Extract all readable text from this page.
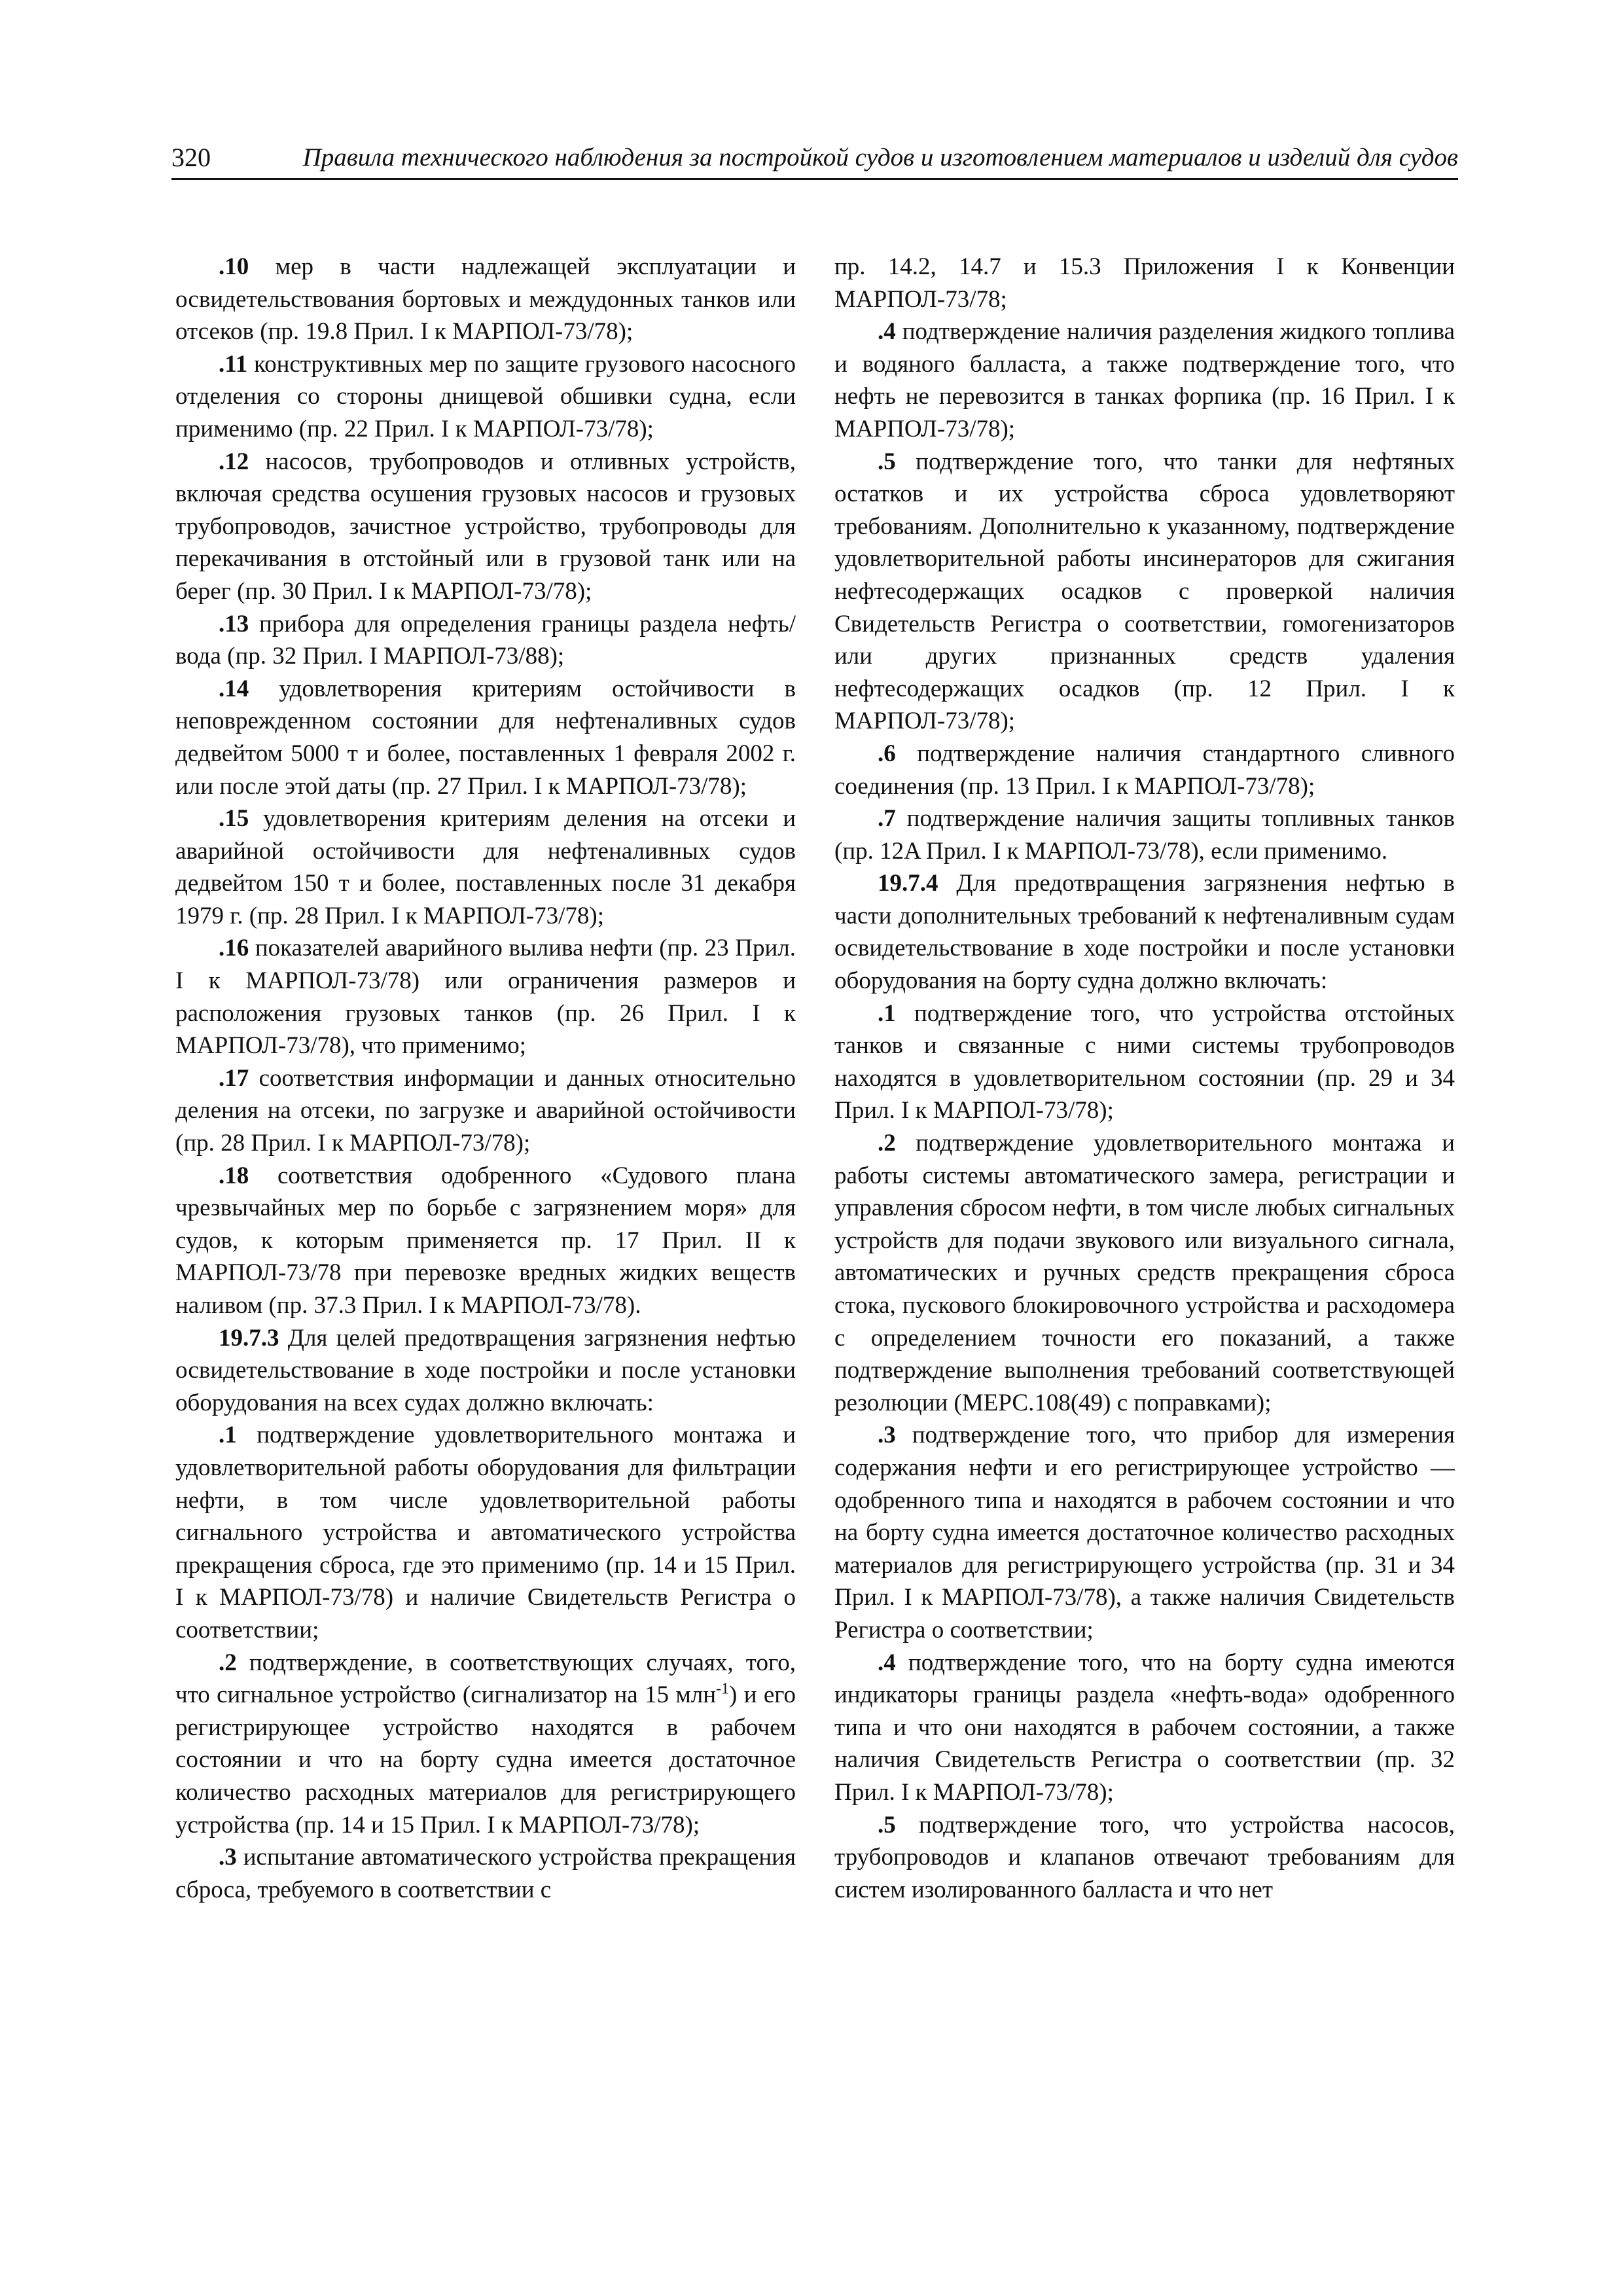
320	Правила технического наблюдения за постройкой судов и изготовлением материалов и изделий для судов

.10 мер в части надлежащей эксплуатации и освидетельствования бортовых и междудонных танков или отсеков (пр. 19.8 Прил. I к МАРПОЛ-73/78);

.11 конструктивных мер по защите грузового насосного отделения со стороны днищевой обшивки судна, если применимо (пр. 22 Прил. I к МАРПОЛ-73/78);

.12 насосов, трубопроводов и отливных устройств, включая средства осушения грузовых насосов и грузовых трубопроводов, зачистное устройство, трубопроводы для перекачивания в отстойный или в грузовой танк или на берег (пр. 30 Прил. I к МАРПОЛ-73/78);

.13 прибора для определения границы раздела нефть/вода (пр. 32 Прил. I МАРПОЛ-73/88);

.14 удовлетворения критериям остойчивости в неповрежденном состоянии для нефтеналивных судов дедвейтом 5000 т и более, поставленных 1 февраля 2002 г. или после этой даты (пр. 27 Прил. I к МАРПОЛ-73/78);

.15 удовлетворения критериям деления на отсеки и аварийной остойчивости для нефтеналивных судов дедвейтом 150 т и более, поставленных после 31 декабря 1979 г. (пр. 28 Прил. I к МАРПОЛ-73/78);

.16 показателей аварийного вылива нефти (пр. 23 Прил. I к МАРПОЛ-73/78) или ограничения размеров и расположения грузовых танков (пр. 26 Прил. I к МАРПОЛ-73/78), что применимо;

.17 соответствия информации и данных относительно деления на отсеки, по загрузке и аварийной остойчивости (пр. 28 Прил. I к МАРПОЛ-73/78);

.18 соответствия одобренного «Судового плана чрезвычайных мер по борьбе с загрязнением моря» для судов, к которым применяется пр. 17 Прил. II к МАРПОЛ-73/78 при перевозке вредных жидких веществ наливом (пр. 37.3 Прил. I к МАРПОЛ-73/78).

19.7.3 Для целей предотвращения загрязнения нефтью освидетельствование в ходе постройки и после установки оборудования на всех судах должно включать:

.1 подтверждение удовлетворительного монтажа и удовлетворительной работы оборудования для фильтрации нефти, в том числе удовлетворительной работы сигнального устройства и автоматического устройства прекращения сброса, где это применимо (пр. 14 и 15 Прил. I к МАРПОЛ-73/78) и наличие Свидетельств Регистра о соответствии;

.2 подтверждение, в соответствующих случаях, того, что сигнальное устройство (сигнализатор на 15 млн$^{-1}$) и его регистрирующее устройство находятся в рабочем состоянии и что на борту судна имеется достаточное количество расходных материалов для регистрирующего устройства (пр. 14 и 15 Прил. I к МАРПОЛ-73/78);

.3 испытание автоматического устройства прекращения сброса, требуемого в соответствии с

пр. 14.2, 14.7 и 15.3 Приложения I к Конвенции МАРПОЛ-73/78;

.4 подтверждение наличия разделения жидкого топлива и водяного балласта, а также подтверждение того, что нефть не перевозится в танках форпика (пр. 16 Прил. I к МАРПОЛ-73/78);

.5 подтверждение того, что танки для нефтяных остатков и их устройства сброса удовлетворяют требованиям. Дополнительно к указанному, подтверждение удовлетворительной работы инсинераторов для сжигания нефтесодержащих осадков с проверкой наличия Свидетельств Регистра о соответствии, гомогенизаторов или других признанных средств удаления нефтесодержащих осадков (пр. 12 Прил. I к МАРПОЛ-73/78);

.6 подтверждение наличия стандартного сливного соединения (пр. 13 Прил. I к МАРПОЛ-73/78);

.7 подтверждение наличия защиты топливных танков (пр. 12A Прил. I к МАРПОЛ-73/78), если применимо.

19.7.4 Для предотвращения загрязнения нефтью в части дополнительных требований к нефтеналивным судам освидетельствование в ходе постройки и после установки оборудования на борту судна должно включать:

.1 подтверждение того, что устройства отстойных танков и связанные с ними системы трубопроводов находятся в удовлетворительном состоянии (пр. 29 и 34 Прил. I к МАРПОЛ-73/78);

.2 подтверждение удовлетворительного монтажа и работы системы автоматического замера, регистрации и управления сбросом нефти, в том числе любых сигнальных устройств для подачи звукового или визуального сигнала, автоматических и ручных средств прекращения сброса стока, пускового блокировочного устройства и расходомера с определением точности его показаний, а также подтверждение выполнения требований соответствующей резолюции (МЕРС.108(49) с поправками);

.3 подтверждение того, что прибор для измерения содержания нефти и его регистрирующее устройство — одобренного типа и находятся в рабочем состоянии и что на борту судна имеется достаточное количество расходных материалов для регистрирующего устройства (пр. 31 и 34 Прил. I к МАРПОЛ-73/78), а также наличия Свидетельств Регистра о соответствии;

.4 подтверждение того, что на борту судна имеются индикаторы границы раздела «нефть-вода» одобренного типа и что они находятся в рабочем состоянии, а также наличия Свидетельств Регистра о соответствии (пр. 32 Прил. I к МАРПОЛ-73/78);

.5 подтверждение того, что устройства насосов, трубопроводов и клапанов отвечают требованиям для систем изолированного балласта и что нет
